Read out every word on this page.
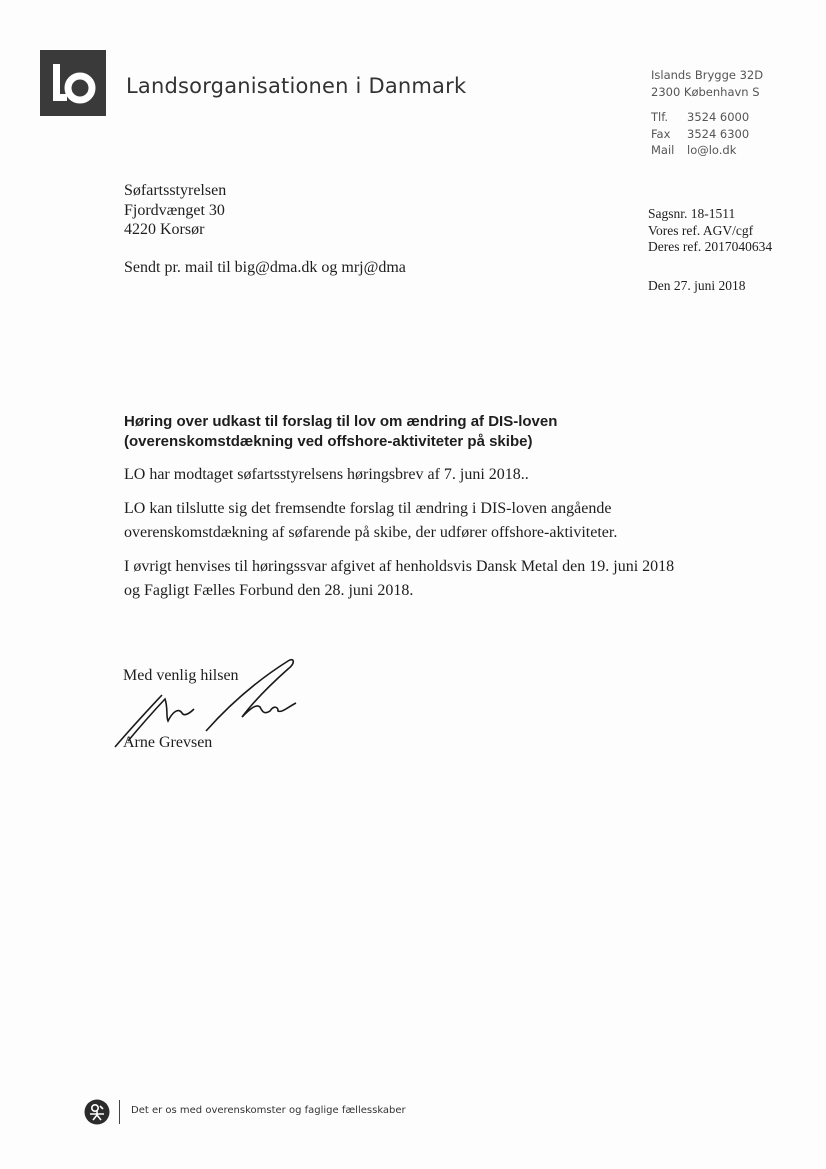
Landsorganisationen i Danmark	Islands Brygge 32D
2300 København S
Tlf. 3524 6000
Fax 3524 6300
Mail lo@lo.dk
Søfartsstyrelsen
Fjordvænget 30
4220 Korsør
Sendt pr. mail til big@dma.dk og mrj@dma
Sagsnr. 18-1511
Vores ref. AGV/cgf
Deres ref. 2017040634
Den 27. juni 2018
Høring over udkast til forslag til lov om ændring af DIS-loven
(overenskomstdækning ved offshore-aktiviteter på skibe)
LO har modtaget søfartsstyrelsens høringsbrev af 7. juni 2018..
LO kan tilslutte sig det fremsendte forslag til ændring i DIS-loven angående
overenskomstdækning af søfarende på skibe, der udfører offshore-aktiviteter.
I øvrigt henvises til høringssvar afgivet af henholdsvis Dansk Metal den 19. juni 2018
og Fagligt Fælles Forbund den 28. juni 2018.
Med venlig hilsen
Arne Grevsen
Det er os med overenskomster og faglige fællesskaber
